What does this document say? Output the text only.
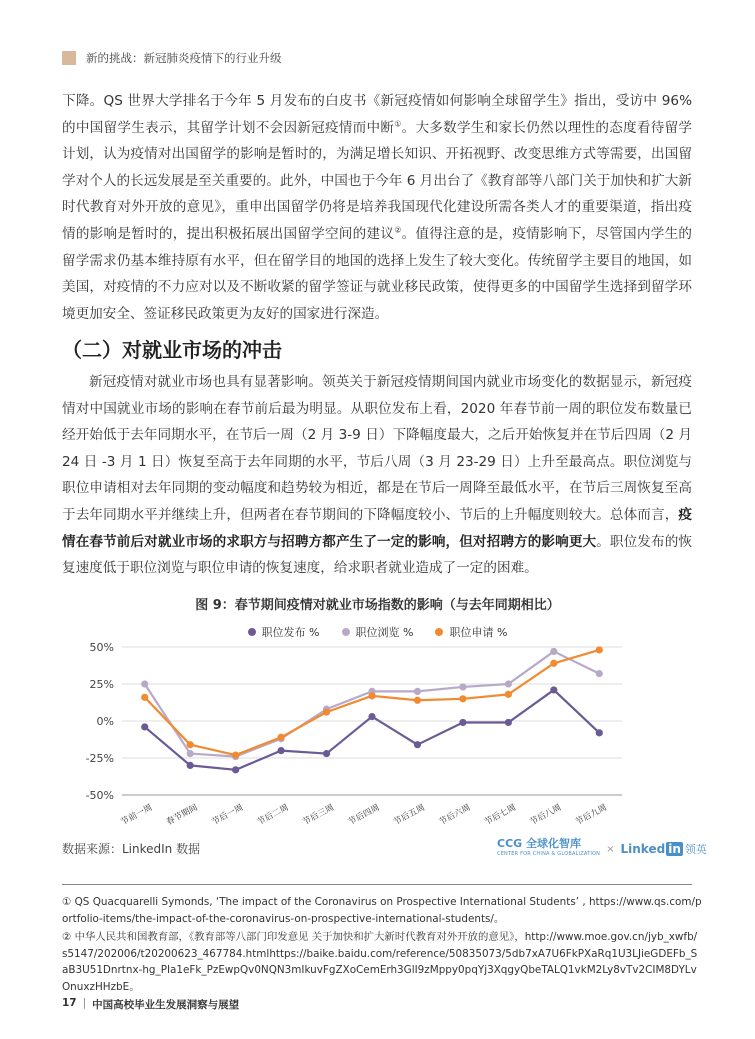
新的挑战：新冠肺炎疫情下的行业升级
下降。QS 世界大学排名于今年 5 月发布的白皮书《新冠疫情如何影响全球留学生》指出，受访中 96% 的中国留学生表示，其留学计划不会因新冠疫情而中断①。大多数学生和家长仍然以理性的态度看待留学计划，认为疫情对出国留学的影响是暂时的，为满足增长知识、开拓视野、改变思维方式等需要，出国留学对个人的长远发展是至关重要的。此外，中国也于今年 6 月出台了《教育部等八部门关于加快和扩大新时代教育对外开放的意见》，重申出国留学仍将是培养我国现代化建设所需各类人才的重要渠道，指出疫情的影响是暂时的，提出积极拓展出国留学空间的建议②。值得注意的是，疫情影响下，尽管国内学生的留学需求仍基本维持原有水平，但在留学目的地国的选择上发生了较大变化。传统留学主要目的地国，如美国，对疫情的不力应对以及不断收紧的留学签证与就业移民政策，使得更多的中国留学生选择到留学环境更加安全、签证移民政策更为友好的国家进行深造。
（二）对就业市场的冲击
新冠疫情对就业市场也具有显著影响。领英关于新冠疫情期间国内就业市场变化的数据显示，新冠疫情对中国就业市场的影响在春节前后最为明显。从职位发布上看，2020 年春节前一周的职位发布数量已经开始低于去年同期水平，在节后一周（2 月 3-9 日）下降幅度最大，之后开始恢复并在节后四周（2 月 24 日 -3 月 1 日）恢复至高于去年同期的水平，节后八周（3 月 23-29 日）上升至最高点。职位浏览与职位申请相对去年同期的变动幅度和趋势较为相近，都是在节后一周降至最低水平，在节后三周恢复至高于去年同期水平并继续上升，但两者在春节期间的下降幅度较小、节后的上升幅度则较大。总体而言，疫情在春节前后对就业市场的求职方与招聘方都产生了一定的影响，但对招聘方的影响更大。职位发布的恢复速度低于职位浏览与职位申请的恢复速度，给求职者就业造成了一定的困难。
图 9：春节期间疫情对就业市场指数的影响（与去年同期相比）
职位发布 %	职位浏览 %	职位申请 %
50%
25%
0%
-25%
-50%
节前一周 春节期间 节后一周 节后二周 节后三周 节后四周 节后五周 节后六周 节后七周 节后八周 节后九周
数据来源：LinkedIn 数据	CCG 全球化智库
CENTER FOR CHINA & GLOBALIZATION × Linked in 领英
① QS Quacquarelli Symonds, ‘The impact of the Coronavirus on Prospective International Students’ , https://www.qs.com/portfolio-items/the-impact-of-the-coronavirus-on-prospective-international-students/。
② 中华人民共和国教育部，《教育部等八部门印发意见 关于加快和扩大新时代教育对外开放的意见》，http://www.moe.gov.cn/jyb_xwfb/s5147/202006/t20200623_467784.htmlhttps://baike.baidu.com/reference/50835073/5db7xA7U6FkPXaRq1U3LJieGDEFb_SaB3U51Dnrtnx-hg_PIa1eFk_PzEwpQv0NQN3mIkuvFgZXoCemErh3GlI9zMppy0pqYj3XqgyQbeTALQ1vkM2Ly8vTv2CIM8DYLvOnuxzHHzbE。
17 | 中国高校毕业生发展洞察与展望
